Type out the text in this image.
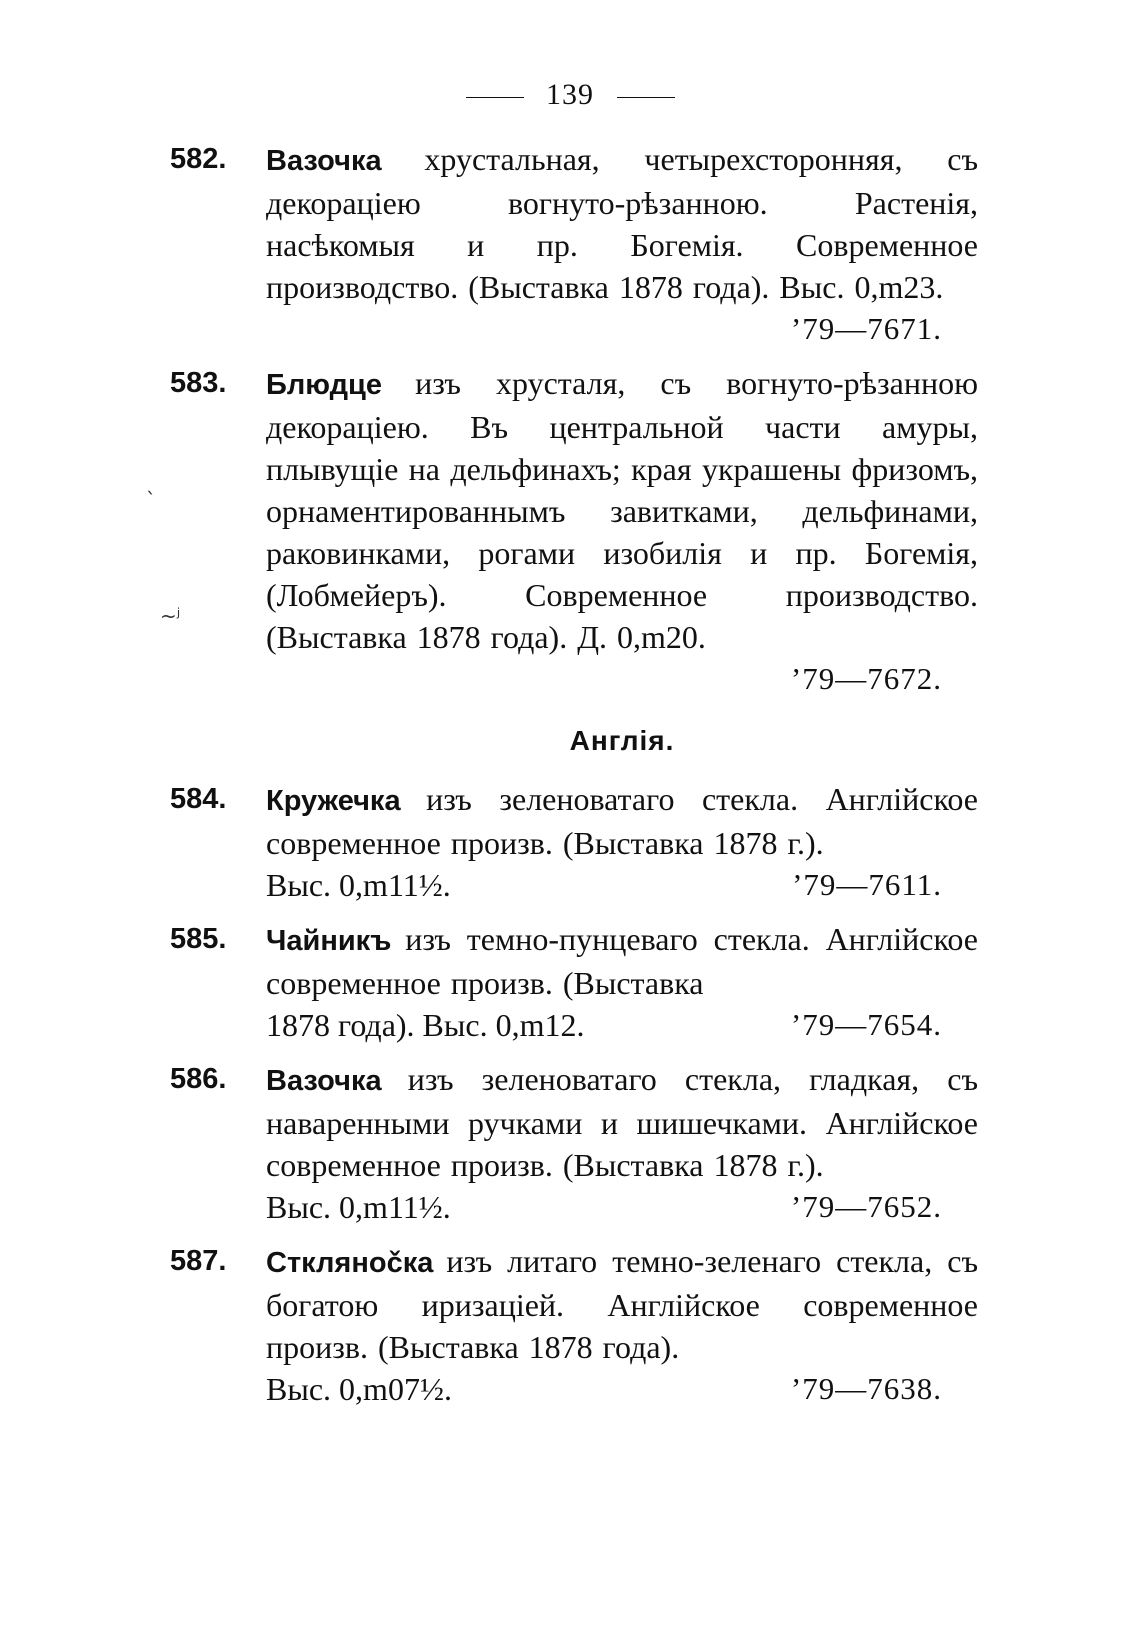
139
ˋ
~ʲ
582. Вазочка хрустальная, четырехсторонняя, съ декорацiею вогнуто-рѣзанною. Растенiя, насѣкомыя и пр. Богемiя. Современное производство. (Выставка 1878 года). Выс. 0,m23.
’79—7671.
583. Блюдце изъ хрусталя, съ вогнуто-рѣзанною декорацiею. Въ центральной части амуры, плывущiе на дельфинахъ; края украшены фризомъ, орнаментированнымъ завитками, дельфинами, раковинками, рогами изобилiя и пр. Богемiя, (Лобмейеръ). Современное производство. (Выставка 1878 года). Д. 0,m20.
’79—7672.
Англiя.
584. Кружечка изъ зеленоватаго стекла. Англiйское современное произв. (Выставка 1878 г.).
Выс. 0,m11½.	’79—7611.
585. Чайникъ изъ темно-пунцеваго стекла. Англiйское современное произв. (Выставка
1878 года). Выс. 0,m12.	’79—7654.
586. Вазочка изъ зеленоватаго стекла, гладкая, съ наваренными ручками и шишечками. Англiйское современное произв. (Выставка 1878 г.).
Выс. 0,m11½.	’79—7652.
587. Стклянočка изъ литаго темно-зеленаго стекла, съ богатою иризацiей. Англiйское современное произв. (Выставка 1878 года).
Выс. 0,m07½.	’79—7638.
